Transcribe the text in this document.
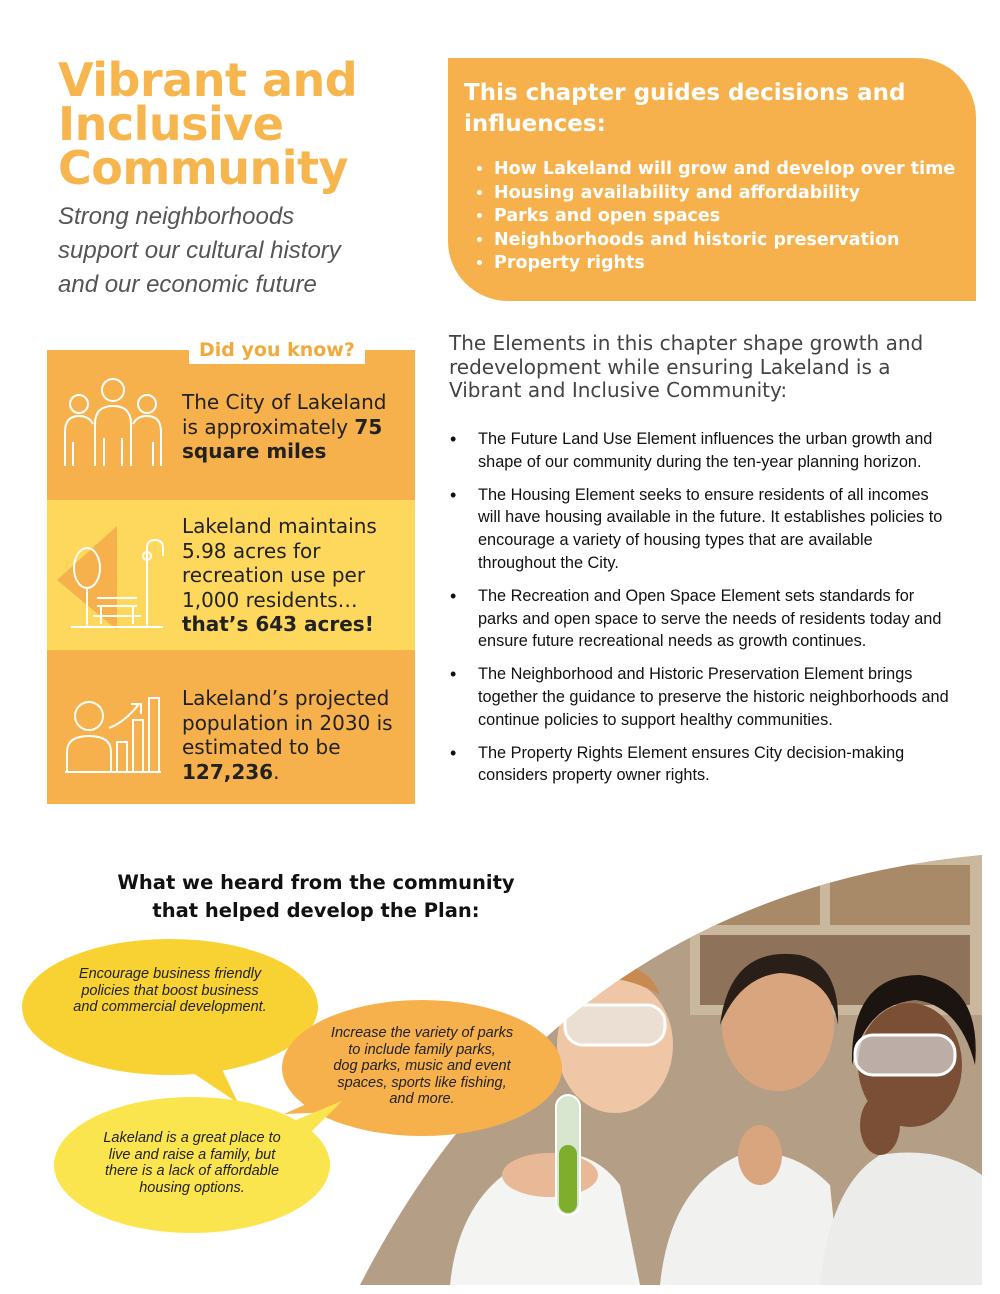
Vibrant and
Inclusive
Community

Strong neighborhoods
support our cultural history
and our economic future

This chapter guides decisions and
influences:
• How Lakeland will grow and develop over time
• Housing availability and affordability
• Parks and open spaces
• Neighborhoods and historic preservation
• Property rights
The City of Lakeland is approximately 75 square miles
Lakeland maintains 5.98 acres for recreation use per 1,000 residents… that’s 643 acres!
Lakeland’s projected population in 2030 is estimated to be 127,236.
Did you know?	The Elements in this chapter shape growth and redevelopment while ensuring Lakeland is a Vibrant and Inclusive Community:

• The Future Land Use Element influences the urban growth and shape of our community during the ten-year planning horizon.
• The Housing Element seeks to ensure residents of all incomes will have housing available in the future. It establishes policies to encourage a variety of housing types that are available throughout the City.
• The Recreation and Open Space Element sets standards for parks and open space to serve the needs of residents today and ensure future recreational needs as growth continues.
• The Neighborhood and Historic Preservation Element brings together the guidance to preserve the historic neighborhoods and continue policies to support healthy communities.
• The Property Rights Element ensures City decision-making considers property owner rights.

What we heard from the community
that helped develop the Plan:

Encourage business friendly
policies that boost business
and commercial development.
Increase the variety of parks
to include family parks,
dog parks, music and event
spaces, sports like fishing,
and more.
Lakeland is a great place to
live and raise a family, but
there is a lack of affordable
housing options.
